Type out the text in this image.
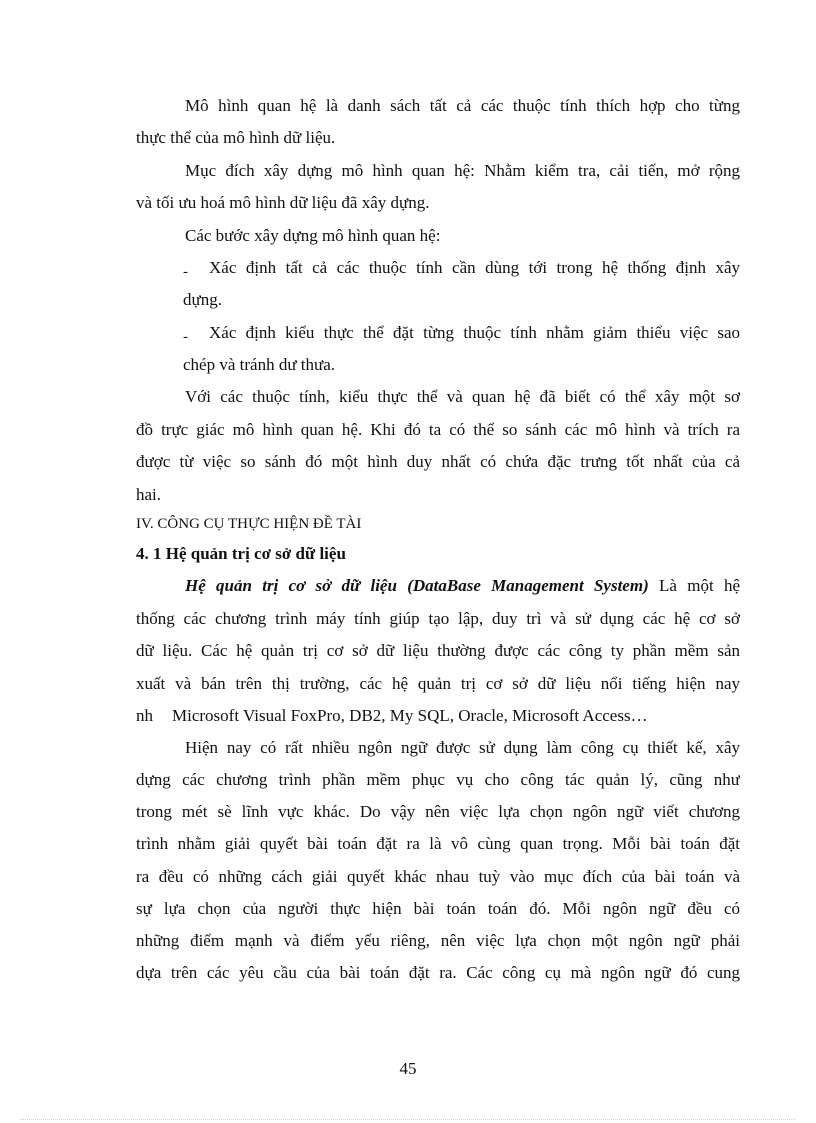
Mô hình quan hệ là danh sách tất cả các thuộc tính thích hợp cho từng
thực thể của mô hình dữ liệu.
Mục đích xây dựng mô hình quan hệ: Nhằm kiểm tra, cải tiến, mở rộng
và tối ưu hoá mô hình dữ liệu đã xây dựng.
Các bước xây dựng mô hình quan hệ:
-	Xác định tất cả các thuộc tính cần dùng tới trong hệ thống định xây
dựng.
-	Xác định kiểu thực thể đặt từng thuộc tính nhằm giảm thiểu việc sao
chép và tránh dư thưa.
Với các thuộc tính, kiểu thực thể và quan hệ đã biết có thể xây một sơ
đồ trực giác mô hình quan hệ. Khi đó ta có thể so sánh các mô hình và trích ra
được từ việc so sánh đó một hình duy nhất có chứa đặc trưng tốt nhất của cả
hai.
IV. CÔNG CỤ THỰC HIỆN ĐỀ TÀI
4. 1 Hệ quản trị cơ sở dữ liệu
Hệ quản trị cơ sở dữ liệu (DataBase Management System) Là một hệ
thống các chương trình máy tính giúp tạo lập, duy trì và sử dụng các hệ cơ sở
dữ liệu. Các hệ quản trị cơ sở dữ liệu thường được các công ty phần mềm sản
xuất và bán trên thị trường, các hệ quản trị cơ sở dữ liệu nổi tiếng hiện nay
nh Microsoft Visual FoxPro, DB2, My SQL, Oracle, Microsoft Access…
Hiện nay có rất nhiều ngôn ngữ được sử dụng làm công cụ thiết kế, xây
dựng các chương trình phần mềm phục vụ cho công tác quản lý, cũng như
trong mét sè lĩnh vực khác. Do vậy nên việc lựa chọn ngôn ngữ viết chương
trình nhằm giải quyết bài toán đặt ra là vô cùng quan trọng. Mỗi bài toán đặt
ra đều có những cách giải quyết khác nhau tuỳ vào mục đích của bài toán và
sự lựa chọn của người thực hiện bài toán toán đó. Mỗi ngôn ngữ đều có
những điểm mạnh và điểm yếu riêng, nên việc lựa chọn một ngôn ngữ phải
dựa trên các yêu cầu của bài toán đặt ra. Các công cụ mà ngôn ngữ đó cung
45
